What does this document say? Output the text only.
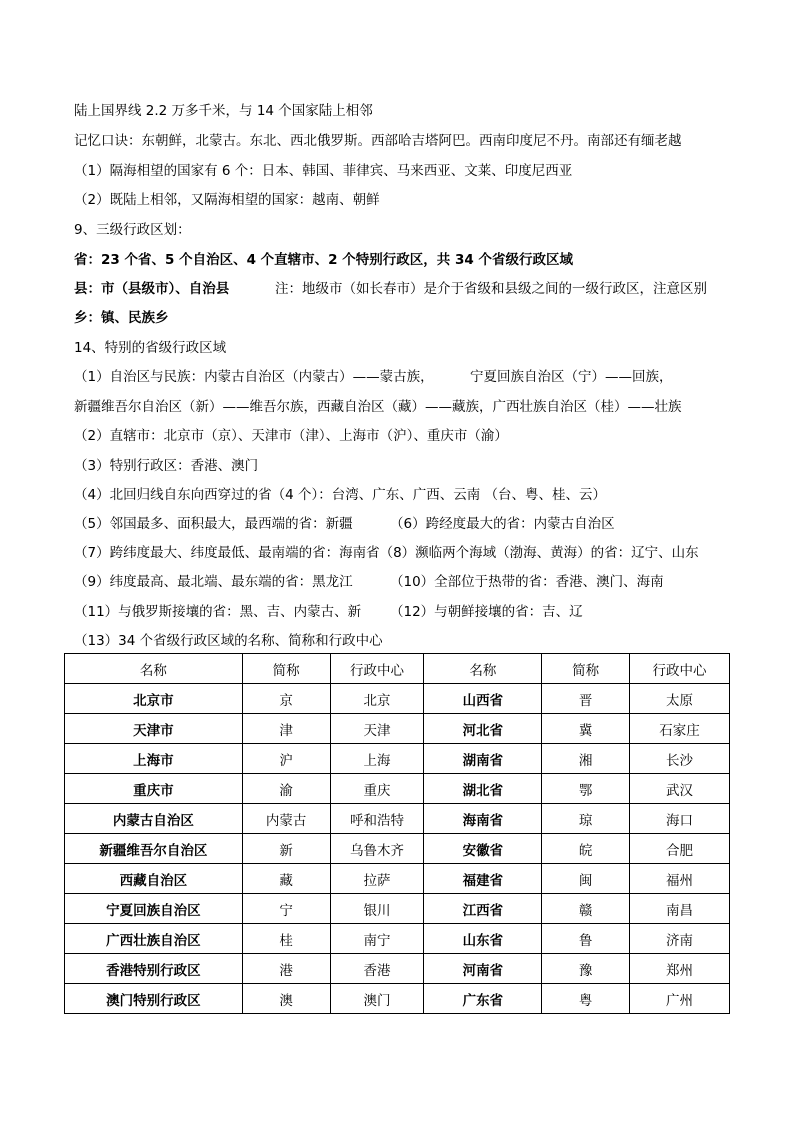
陆上国界线 2.2 万多千米，与 14 个国家陆上相邻
记忆口诀：东朝鲜，北蒙古。东北、西北俄罗斯。西部哈吉塔阿巴。西南印度尼不丹。南部还有缅老越
（1）隔海相望的国家有 6 个：日本、韩国、菲律宾、马来西亚、文莱、印度尼西亚
（2）既陆上相邻，又隔海相望的国家：越南、朝鲜
9、三级行政区划：
省：23 个省、5 个自治区、4 个直辖市、2 个特别行政区，共 34 个省级行政区域
县：市（县级市）、自治县	注：地级市（如长春市）是介于省级和县级之间的一级行政区，注意区别
乡：镇、民族乡
14、特别的省级行政区域
（1）自治区与民族：内蒙古自治区（内蒙古）——蒙古族，	宁夏回族自治区（宁）——回族，
新疆维吾尔自治区（新）——维吾尔族，西藏自治区（藏）——藏族，广西壮族自治区（桂）——壮族
（2）直辖市：北京市（京）、天津市（津）、上海市（沪）、重庆市（渝）
（3）特别行政区：香港、澳门
（4）北回归线自东向西穿过的省（4 个）：台湾、广东、广西、云南 （台、粤、桂、云）
（5）邻国最多、面积最大，最西端的省：新疆	（6）跨经度最大的省：内蒙古自治区
（7）跨纬度最大、纬度最低、最南端的省：海南省（8）濒临两个海域（渤海、黄海）的省：辽宁、山东
（9）纬度最高、最北端、最东端的省：黑龙江	（10）全部位于热带的省：香港、澳门、海南
（11）与俄罗斯接壤的省：黑、吉、内蒙古、新 （12）与朝鲜接壤的省：吉、辽
（13）34 个省级行政区域的名称、简称和行政中心
名称	简称	行政中心	名称	简称	行政中心
北京市	京	北京	山西省	晋	太原
天津市	津	天津	河北省	冀	石家庄
上海市	沪	上海	湖南省	湘	长沙
重庆市	渝	重庆	湖北省	鄂	武汉
内蒙古自治区	内蒙古	呼和浩特	海南省	琼	海口
新疆维吾尔自治区	新	乌鲁木齐	安徽省	皖	合肥
西藏自治区	藏	拉萨	福建省	闽	福州
宁夏回族自治区	宁	银川	江西省	赣	南昌
广西壮族自治区	桂	南宁	山东省	鲁	济南
香港特别行政区	港	香港	河南省	豫	郑州
澳门特别行政区	澳	澳门	广东省	粤	广州
